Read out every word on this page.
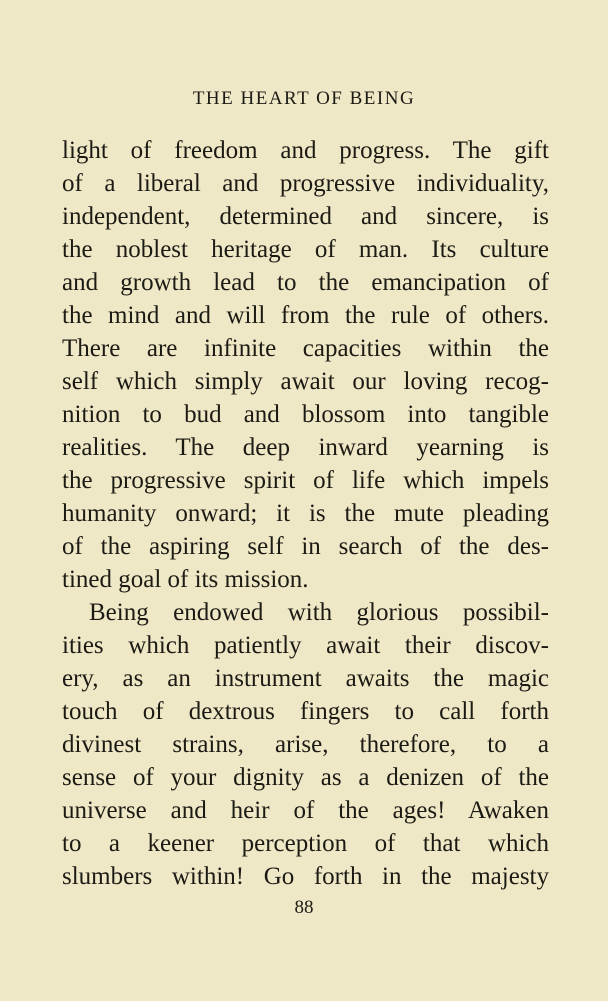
THE HEART OF BEING
light of freedom and progress. The gift
of a liberal and progressive individuality,
independent, determined and sincere, is
the noblest heritage of man. Its culture
and growth lead to the emancipation of
the mind and will from the rule of others.
There are infinite capacities within the
self which simply await our loving recog-
nition to bud and blossom into tangible
realities. The deep inward yearning is
the progressive spirit of life which impels
humanity onward; it is the mute pleading
of the aspiring self in search of the des-
tined goal of its mission.
Being endowed with glorious possibil-
ities which patiently await their discov-
ery, as an instrument awaits the magic
touch of dextrous fingers to call forth
divinest strains, arise, therefore, to a
sense of your dignity as a denizen of the
universe and heir of the ages! Awaken
to a keener perception of that which
slumbers within! Go forth in the majesty
88
